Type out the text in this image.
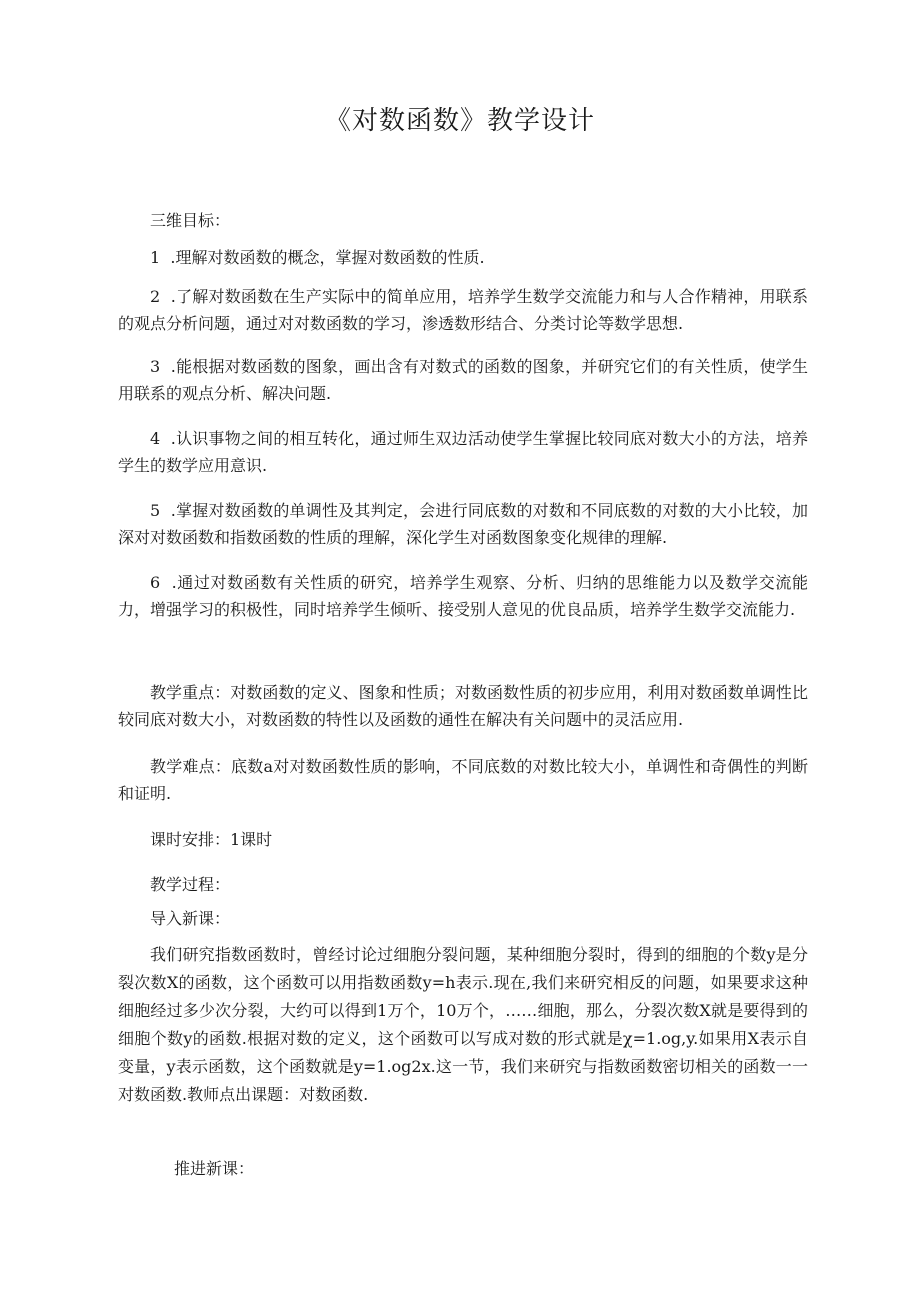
《对数函数》教学设计

三维目标：

1  .理解对数函数的概念，掌握对数函数的性质.

2  .了解对数函数在生产实际中的简单应用，培养学生数学交流能力和与人合作精神，用联系的观点分析问题，通过对对数函数的学习，渗透数形结合、分类讨论等数学思想.

3  .能根据对数函数的图象，画出含有对数式的函数的图象，并研究它们的有关性质，使学生用联系的观点分析、解决问题.

4  .认识事物之间的相互转化，通过师生双边活动使学生掌握比较同底对数大小的方法，培养学生的数学应用意识.

5  .掌握对数函数的单调性及其判定，会进行同底数的对数和不同底数的对数的大小比较，加深对对数函数和指数函数的性质的理解，深化学生对函数图象变化规律的理解.

6  .通过对数函数有关性质的研究，培养学生观察、分析、归纳的思维能力以及数学交流能力，增强学习的积极性，同时培养学生倾听、接受别人意见的优良品质，培养学生数学交流能力.

教学重点：对数函数的定义、图象和性质；对数函数性质的初步应用，利用对数函数单调性比较同底对数大小，对数函数的特性以及函数的通性在解决有关问题中的灵活应用.

教学难点：底数a对对数函数性质的影响，不同底数的对数比较大小，单调性和奇偶性的判断和证明.

课时安排：1课时

教学过程：

导入新课：

我们研究指数函数时，曾经讨论过细胞分裂问题，某种细胞分裂时，得到的细胞的个数y是分裂次数X的函数，这个函数可以用指数函数y=h表示.现在,我们来研究相反的问题，如果要求这种细胞经过多少次分裂，大约可以得到1万个，10万个，……细胞，那么，分裂次数X就是要得到的细胞个数y的函数.根据对数的定义，这个函数可以写成对数的形式就是χ=1.og,y.如果用X表示自变量，y表示函数，这个函数就是y=1.og2x.这一节，我们来研究与指数函数密切相关的函数一一对数函数.教师点出课题：对数函数.

推进新课：
